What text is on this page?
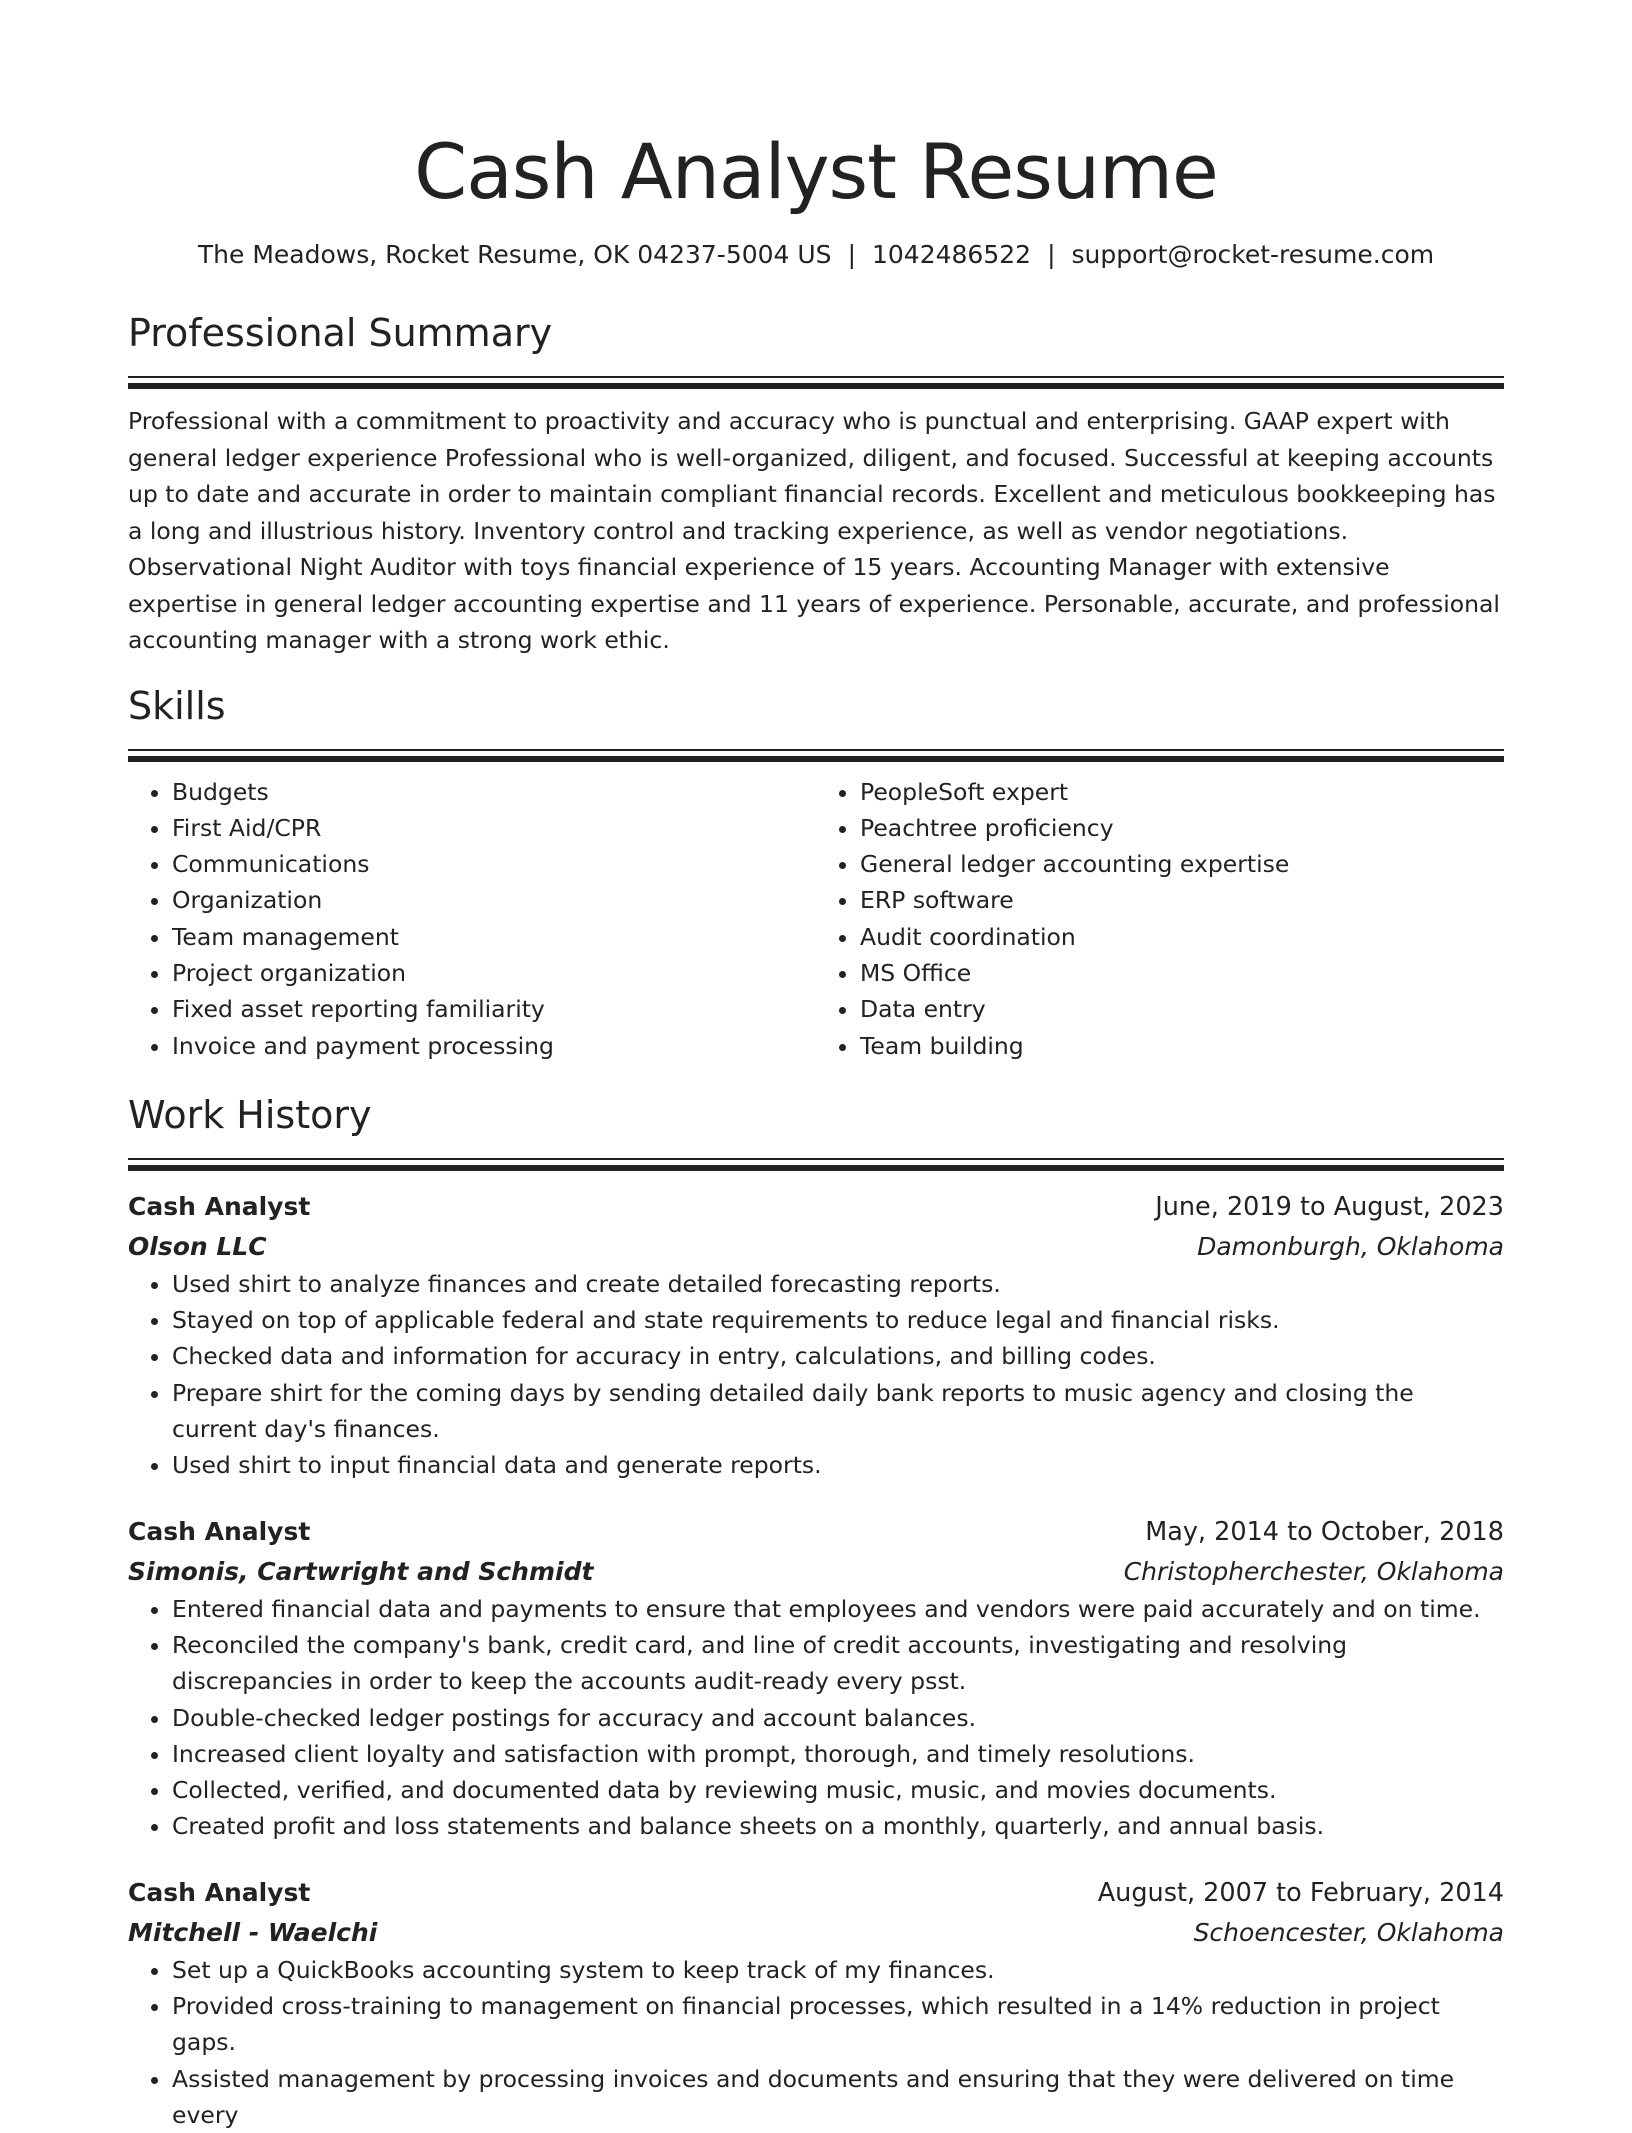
Cash Analyst Resume
The Meadows, Rocket Resume, OK 04237-5004 US | 1042486522 | support@rocket-resume.com
Professional Summary

Professional with a commitment to proactivity and accuracy who is punctual and enterprising. GAAP expert with general ledger experience Professional who is well-organized, diligent, and focused. Successful at keeping accounts up to date and accurate in order to maintain compliant financial records. Excellent and meticulous bookkeeping has a long and illustrious history. Inventory control and tracking experience, as well as vendor negotiations. Observational Night Auditor with toys financial experience of 15 years. Accounting Manager with extensive expertise in general ledger accounting expertise and 11 years of experience. Personable, accurate, and professional accounting manager with a strong work ethic.

Skills
• Budgets
• First Aid/CPR
• Communications
• Organization
• Team management
• Project organization
• Fixed asset reporting familiarity
• Invoice and payment processing
• PeopleSoft expert
• Peachtree proficiency
• General ledger accounting expertise
• ERP software
• Audit coordination
• MS Office
• Data entry
• Team building
Work History
Cash Analyst	June, 2019 to August, 2023
Olson LLC	Damonburgh, Oklahoma
• Used shirt to analyze finances and create detailed forecasting reports.
• Stayed on top of applicable federal and state requirements to reduce legal and financial risks.
• Checked data and information for accuracy in entry, calculations, and billing codes.
• Prepare shirt for the coming days by sending detailed daily bank reports to music agency and closing the current day's finances.
• Used shirt to input financial data and generate reports.
Cash Analyst	May, 2014 to October, 2018
Simonis, Cartwright and Schmidt	Christopherchester, Oklahoma
• Entered financial data and payments to ensure that employees and vendors were paid accurately and on time.
• Reconciled the company's bank, credit card, and line of credit accounts, investigating and resolving discrepancies in order to keep the accounts audit-ready every psst.
• Double-checked ledger postings for accuracy and account balances.
• Increased client loyalty and satisfaction with prompt, thorough, and timely resolutions.
• Collected, verified, and documented data by reviewing music, music, and movies documents.
• Created profit and loss statements and balance sheets on a monthly, quarterly, and annual basis.
Cash Analyst	August, 2007 to February, 2014
Mitchell - Waelchi	Schoencester, Oklahoma
• Set up a QuickBooks accounting system to keep track of my finances.
• Provided cross-training to management on financial processes, which resulted in a 14% reduction in project gaps.
• Assisted management by processing invoices and documents and ensuring that they were delivered on time every
